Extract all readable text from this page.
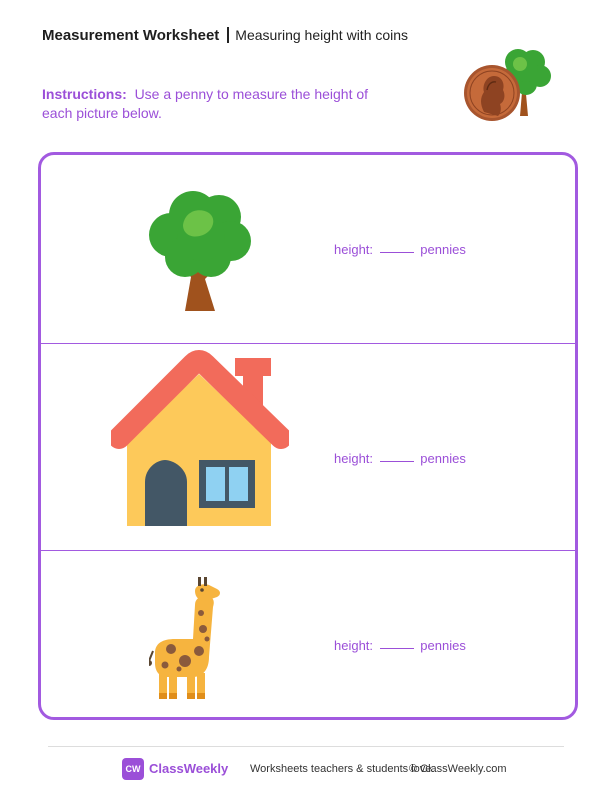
Measurement Worksheet Measuring height with coins
Instructions: Use a penny to measure the height of each picture below.
height:	pennies
height:	pennies
height:	pennies
CW ClassWeekly Worksheets teachers & students love.
© ClassWeekly.com
